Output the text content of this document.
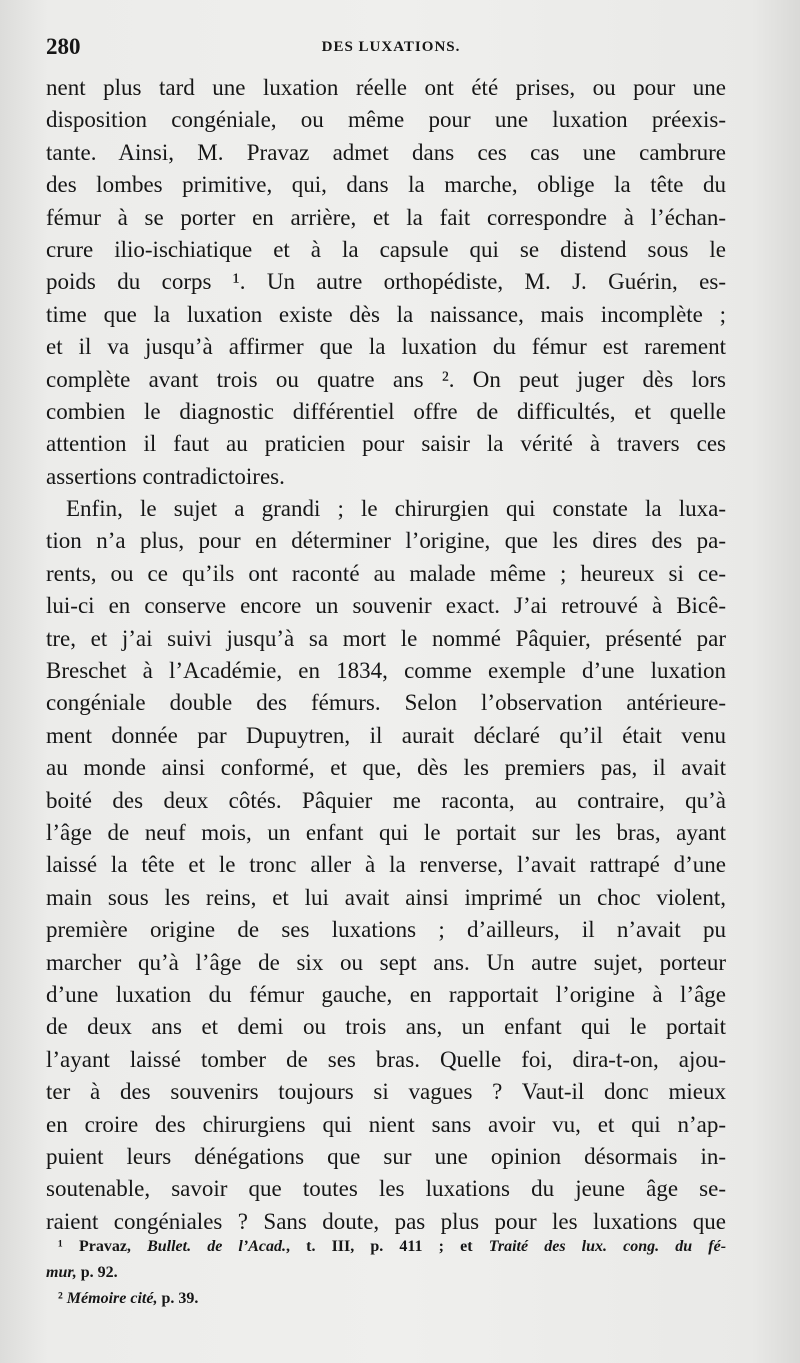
280	DES LUXATIONS.
nent plus tard une luxation réelle ont été prises, ou pour une
disposition congéniale, ou même pour une luxation préexis-
tante. Ainsi, M. Pravaz admet dans ces cas une cambrure
des lombes primitive, qui, dans la marche, oblige la tête du
fémur à se porter en arrière, et la fait correspondre à l’échan-
crure ilio-ischiatique et à la capsule qui se distend sous le
poids du corps ¹. Un autre orthopédiste, M. J. Guérin, es-
time que la luxation existe dès la naissance, mais incomplète ;
et il va jusqu’à affirmer que la luxation du fémur est rarement
complète avant trois ou quatre ans ². On peut juger dès lors
combien le diagnostic différentiel offre de difficultés, et quelle
attention il faut au praticien pour saisir la vérité à travers ces
assertions contradictoires.
Enfin, le sujet a grandi ; le chirurgien qui constate la luxa-
tion n’a plus, pour en déterminer l’origine, que les dires des pa-
rents, ou ce qu’ils ont raconté au malade même ; heureux si ce-
lui-ci en conserve encore un souvenir exact. J’ai retrouvé à Bicê-
tre, et j’ai suivi jusqu’à sa mort le nommé Pâquier, présenté par
Breschet à l’Académie, en 1834, comme exemple d’une luxation
congéniale double des fémurs. Selon l’observation antérieure-
ment donnée par Dupuytren, il aurait déclaré qu’il était venu
au monde ainsi conformé, et que, dès les premiers pas, il avait
boité des deux côtés. Pâquier me raconta, au contraire, qu’à
l’âge de neuf mois, un enfant qui le portait sur les bras, ayant
laissé la tête et le tronc aller à la renverse, l’avait rattrapé d’une
main sous les reins, et lui avait ainsi imprimé un choc violent,
première origine de ses luxations ; d’ailleurs, il n’avait pu
marcher qu’à l’âge de six ou sept ans. Un autre sujet, porteur
d’une luxation du fémur gauche, en rapportait l’origine à l’âge
de deux ans et demi ou trois ans, un enfant qui le portait
l’ayant laissé tomber de ses bras. Quelle foi, dira-t-on, ajou-
ter à des souvenirs toujours si vagues ? Vaut-il donc mieux
en croire des chirurgiens qui nient sans avoir vu, et qui n’ap-
puient leurs dénégations que sur une opinion désormais in-
soutenable, savoir que toutes les luxations du jeune âge se-
raient congéniales ? Sans doute, pas plus pour les luxations que
¹ Pravaz, Bullet. de l’Acad., t. III, p. 411 ; et Traité des lux. cong. du fé-
mur, p. 92.
² Mémoire cité, p. 39.
